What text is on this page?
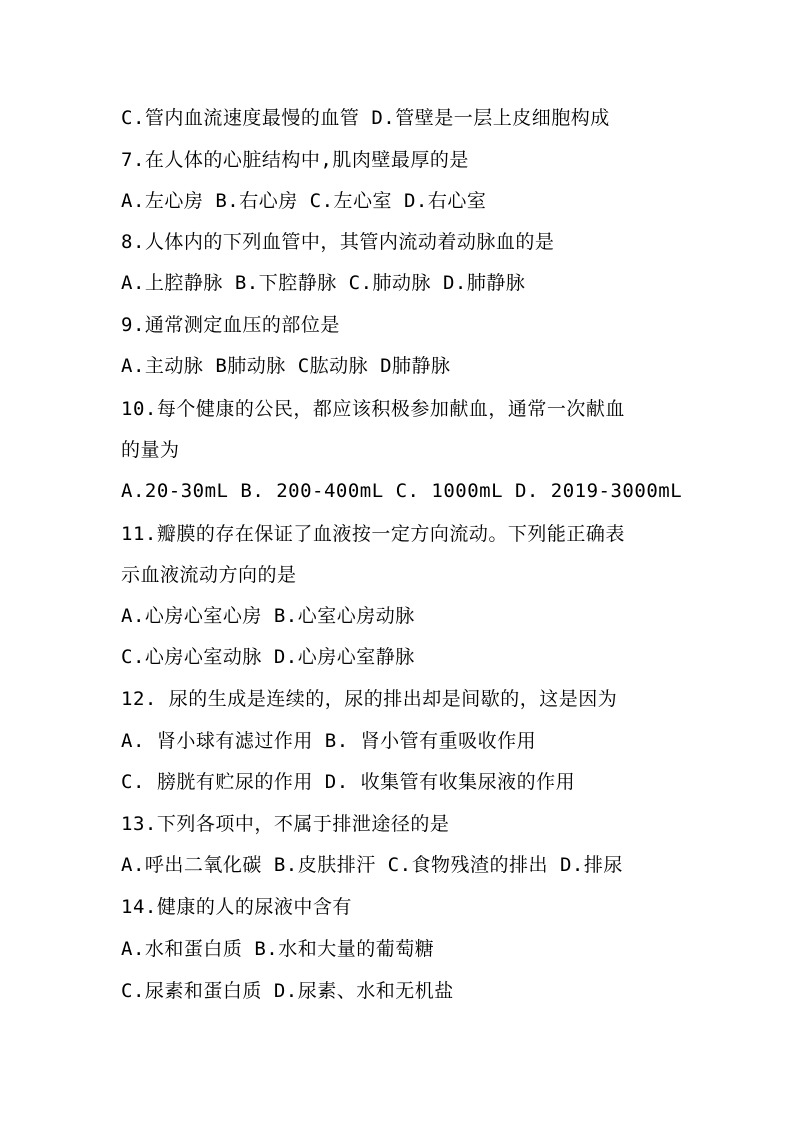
C.管内血流速度最慢的血管 D.管壁是一层上皮细胞构成
7.在人体的心脏结构中,肌肉壁最厚的是
A.左心房 B.右心房 C.左心室 D.右心室
8.人体内的下列血管中，其管内流动着动脉血的是
A.上腔静脉 B.下腔静脉 C.肺动脉 D.肺静脉
9.通常测定血压的部位是
A.主动脉 B肺动脉 C肱动脉 D肺静脉
10.每个健康的公民，都应该积极参加献血，通常一次献血
的量为
A.20-30mL B. 200-400mL C. 1000mL D. 2019-3000mL
11.瓣膜的存在保证了血液按一定方向流动。下列能正确表
示血液流动方向的是
A.心房心室心房 B.心室心房动脉
C.心房心室动脉 D.心房心室静脉
12. 尿的生成是连续的，尿的排出却是间歇的，这是因为
A. 肾小球有滤过作用 B. 肾小管有重吸收作用
C. 膀胱有贮尿的作用 D. 收集管有收集尿液的作用
13.下列各项中，不属于排泄途径的是
A.呼出二氧化碳 B.皮肤排汗 C.食物残渣的排出 D.排尿
14.健康的人的尿液中含有
A.水和蛋白质 B.水和大量的葡萄糖
C.尿素和蛋白质 D.尿素、水和无机盐
